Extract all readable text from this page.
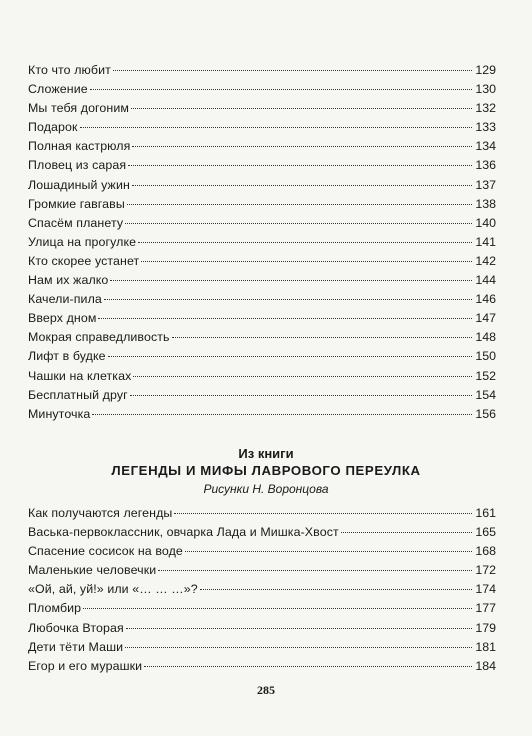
Кто что любит	129
Сложение	130
Мы тебя догоним	132
Подарок	133
Полная кастрюля	134
Пловец из сарая	136
Лошадиный ужин	137
Громкие гавгавы	138
Спасём планету	140
Улица на прогулке	141
Кто скорее устанет	142
Нам их жалко	144
Качели-пила	146
Вверх дном	147
Мокрая справедливость	148
Лифт в будке	150
Чашки на клетках	152
Бесплатный друг	154
Минуточка	156
Из книги
ЛЕГЕНДЫ И МИФЫ ЛАВРОВОГО ПЕРЕУЛКА
Рисунки Н. Воронцова
Как получаются легенды	161
Васька-первоклассник, овчарка Лада и Мишка-Хвост	165
Спасение сосисок на воде	168
Маленькие человечки	172
«Ой, ай, уй!» или «… … …»?	174
Пломбир	177
Любочка Вторая	179
Дети тёти Маши	181
Егор и его мурашки	184
285
